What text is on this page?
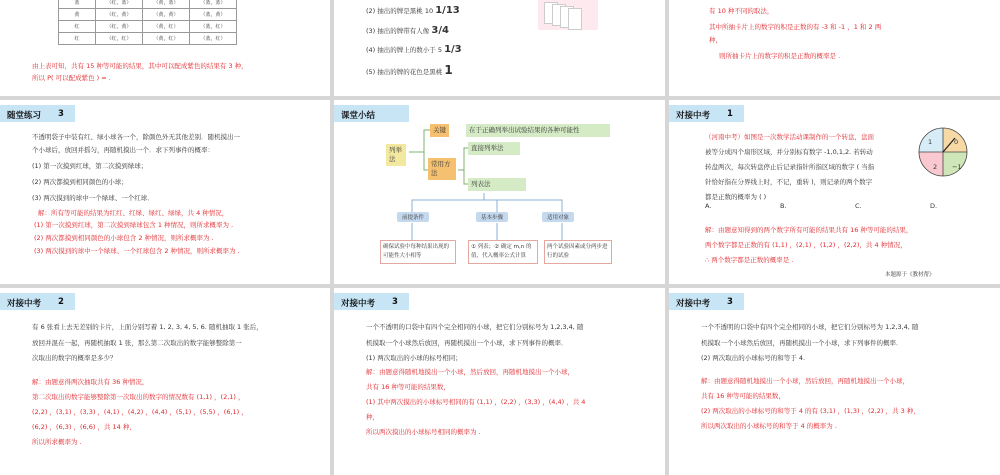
蓝	（红，蓝）	（黄，蓝）	（蓝，蓝）
黄	（红，黄）	（黄，黄）	（蓝，黄）
红	（红，黄）	（黄，红）	（蓝，红）
红	（红，红）	（黄，红）	（蓝，红）
由上表可知，共有 15 种等可能的结果，其中可以配成紫色的结果有 3 种，
所以 P( 可以配成紫色 ) = .
(2) 抽出的牌是黑桃 10 1/13
(3) 抽出的牌带有人像 3/4
(4) 抽出的牌上的数小于 5 1/3
(5) 抽出的牌的花色是黑桃 1
有 10 种不同的取法，
其中所抽卡片上的数字的积是正数的有 -3 和 -1 ，1 和 2 两
种，
则所抽卡片上的数字的积是正数的概率是 .
随堂练习 3
不透明袋子中装有红、绿小球各一个，除颜色外无其他差别．随机摸出一
个小球后，放回并摇匀，再随机摸出一个．求下列事件的概率：
(1) 第一次摸到红球，第二次摸到绿球；
(2) 两次都摸到相同颜色的小球；
(3) 两次摸到的球中一个绿球、一个红球．
解：所有等可能的结果为红红、红绿、绿红、绿绿，共 4 种情况，
(1) 第一次摸到红球，第二次摸到绿球包含 1 种情况，则所求概率为 .
(2) 两次都摸到相同颜色的小球包含 2 种情况，则所求概率为 .
(3) 两次摸到的球中一个绿球、一个红球包含 2 种情况，则所求概率为 .
课堂小结
列举法
关键	在于正确列举出试验结果的各种可能性
常用方法
直接列举法
列表法
前提条件	基本步骤	适用对象
确保试验中每种结果出现的可能性大小相等
① 列表；② 确定 m,n 的值，代入概率公式计算
两个试验因素或分两步进行的试验
对接中考 1
（河南中考）如图是一次数学活动课制作的一个转盘，盘面
被等分成四个扇形区域，并分别标有数字 -1,0,1,2. 若转动
转盘两次，每次转盘停止后记录指针所指区域的数字 ( 当指
针恰好指在分界线上时，不记，重转 )，则记录的两个数字
都是正数的概率为 ( )
A.	B.	C.	D.
1	0
2 −1
解：由题意知得到的两个数字所有可能的结果共有 16 种等可能的结果，
两个数字都是正数的有 (1,1) ，(2,1) ，(1,2) ，(2,2)，共 4 种情况，
∴ 两个数字都是正数的概率是 .
本题源于《教材帮》
对接中考 2
有 6 张看上去无差别的卡片，上面分别写着 1, 2, 3, 4, 5, 6. 随机抽取 1 张后，
放回并混在一起，再随机抽取 1 张，那么第二次取出的数字能够整除第一
次取出的数字的概率是多少？
解：由题意得两次抽取共有 36 种情况，
第二次取出的数字能够整除第一次取出的数字的情况数有 (1,1) ，(2,1) ，
(2,2) ，(3,1) ，(3,3) ，(4,1) ，(4,2) ，(4,4) ，(5,1) ，(5,5) ，(6,1) ，
(6,2) ，(6,3) ，(6,6) ，共 14 种，
所以所求概率为 .
对接中考 3
一个不透明的口袋中有四个完全相同的小球，把它们分别标号为 1,2,3,4, 随
机摸取一个小球然后放回，再随机摸出一个小球，求下列事件的概率．
(1) 两次取出的小球的标号相同；
解：由题意得随机地摸出一个小球，然后放回，再随机地摸出一个小球，
共有 16 种等可能的结果数，
(1) 其中两次摸出的小球标号相同的有 (1,1) ，(2,2) ，(3,3) ，(4,4) ，共 4
种，
所以两次摸出的小球标号相同的概率为 .
对接中考 3
一个不透明的口袋中有四个完全相同的小球，把它们分别标号为 1,2,3,4, 随
机摸取一个小球然后放回，再随机摸出一个小球，求下列事件的概率．
(2) 两次取出的小球标号的和等于 4.
解：由题意得随机地摸出一个小球，然后放回，再随机地摸出一个小球，
共有 16 种等可能的结果数，
(2) 两次取出的小球标号的和等于 4 的有 (3,1) ，(1,3) ，(2,2) ，共 3 种，
所以两次取出的小球标号的和等于 4 的概率为 .
